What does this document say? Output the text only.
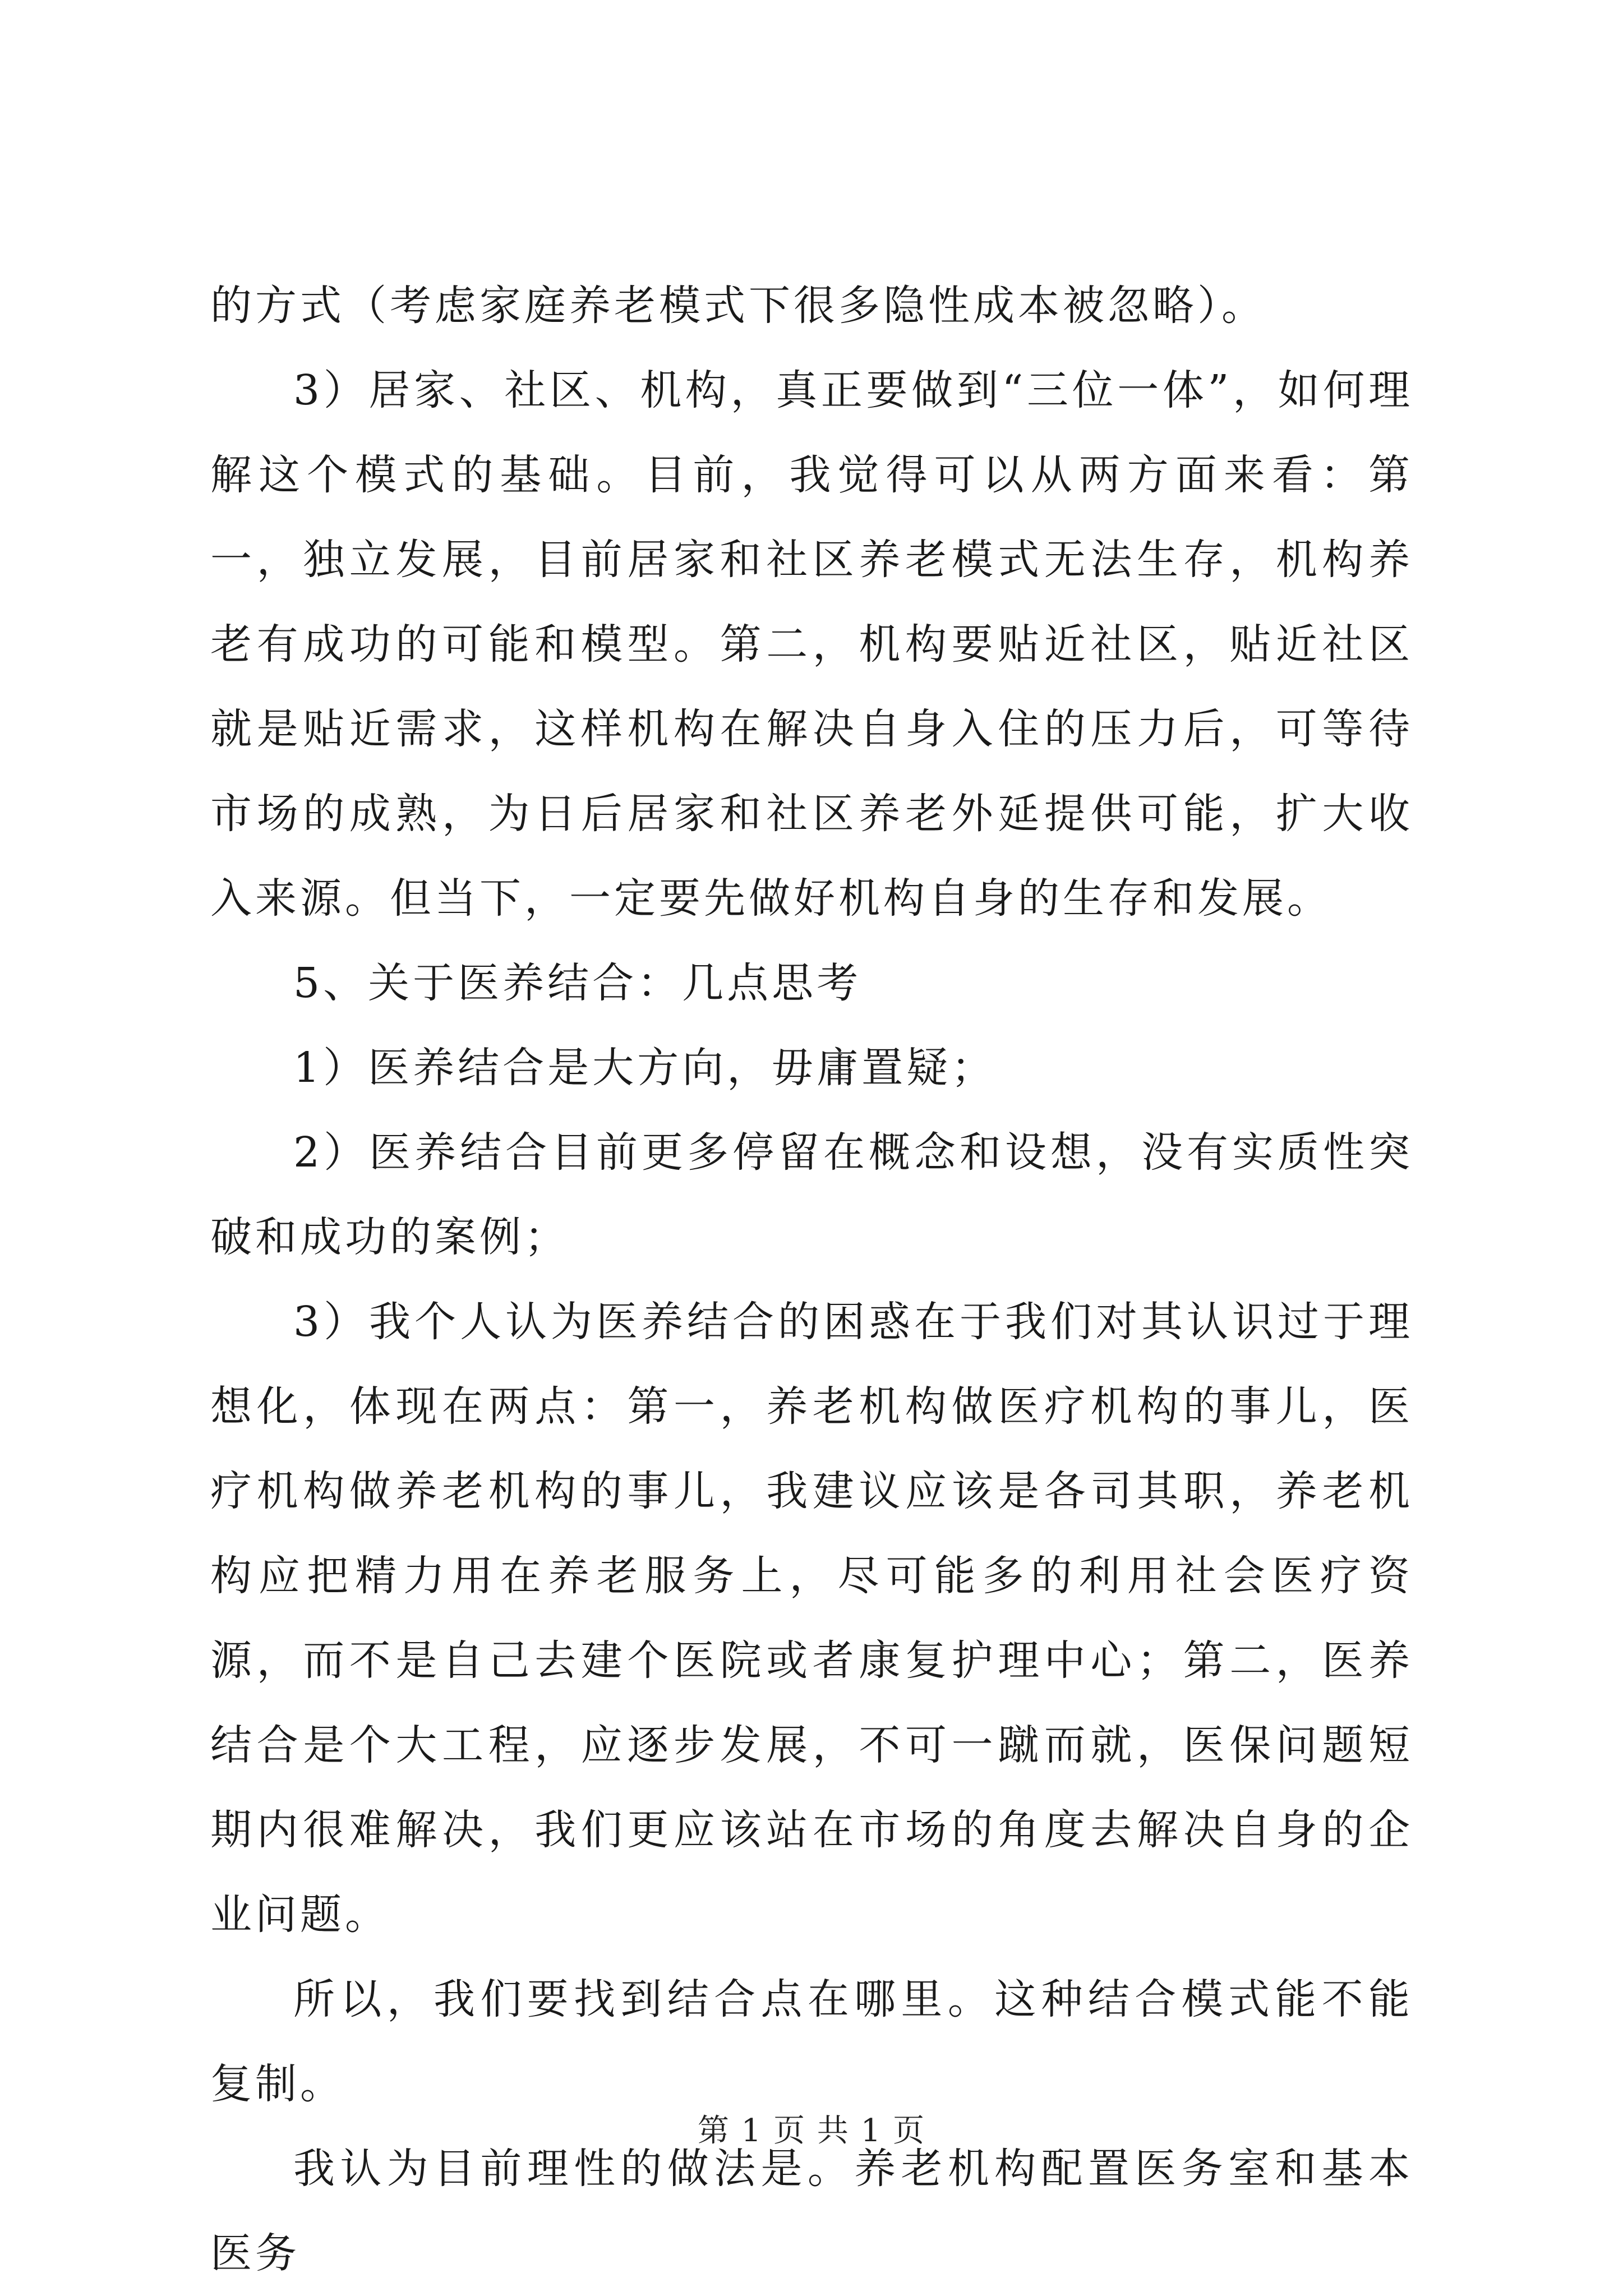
的方式（考虑家庭养老模式下很多隐性成本被忽略）。

3）居家、社区、机构，真正要做到“三位一体”，如何理解这个模式的基础。目前，我觉得可以从两方面来看：第一，独立发展，目前居家和社区养老模式无法生存，机构养老有成功的可能和模型。第二，机构要贴近社区，贴近社区就是贴近需求，这样机构在解决自身入住的压力后，可等待市场的成熟，为日后居家和社区养老外延提供可能，扩大收入来源。但当下，一定要先做好机构自身的生存和发展。

5、关于医养结合：几点思考

1）医养结合是大方向，毋庸置疑；

2）医养结合目前更多停留在概念和设想，没有实质性突破和成功的案例；

3）我个人认为医养结合的困惑在于我们对其认识过于理想化，体现在两点：第一，养老机构做医疗机构的事儿，医疗机构做养老机构的事儿，我建议应该是各司其职，养老机构应把精力用在养老服务上，尽可能多的利用社会医疗资源，而不是自己去建个医院或者康复护理中心；第二，医养结合是个大工程，应逐步发展，不可一蹴而就，医保问题短期内很难解决，我们更应该站在市场的角度去解决自身的企业问题。

所以，我们要找到结合点在哪里。这种结合模式能不能复制。

我认为目前理性的做法是。养老机构配置医务室和基本医务

第 1 页 共 1 页
